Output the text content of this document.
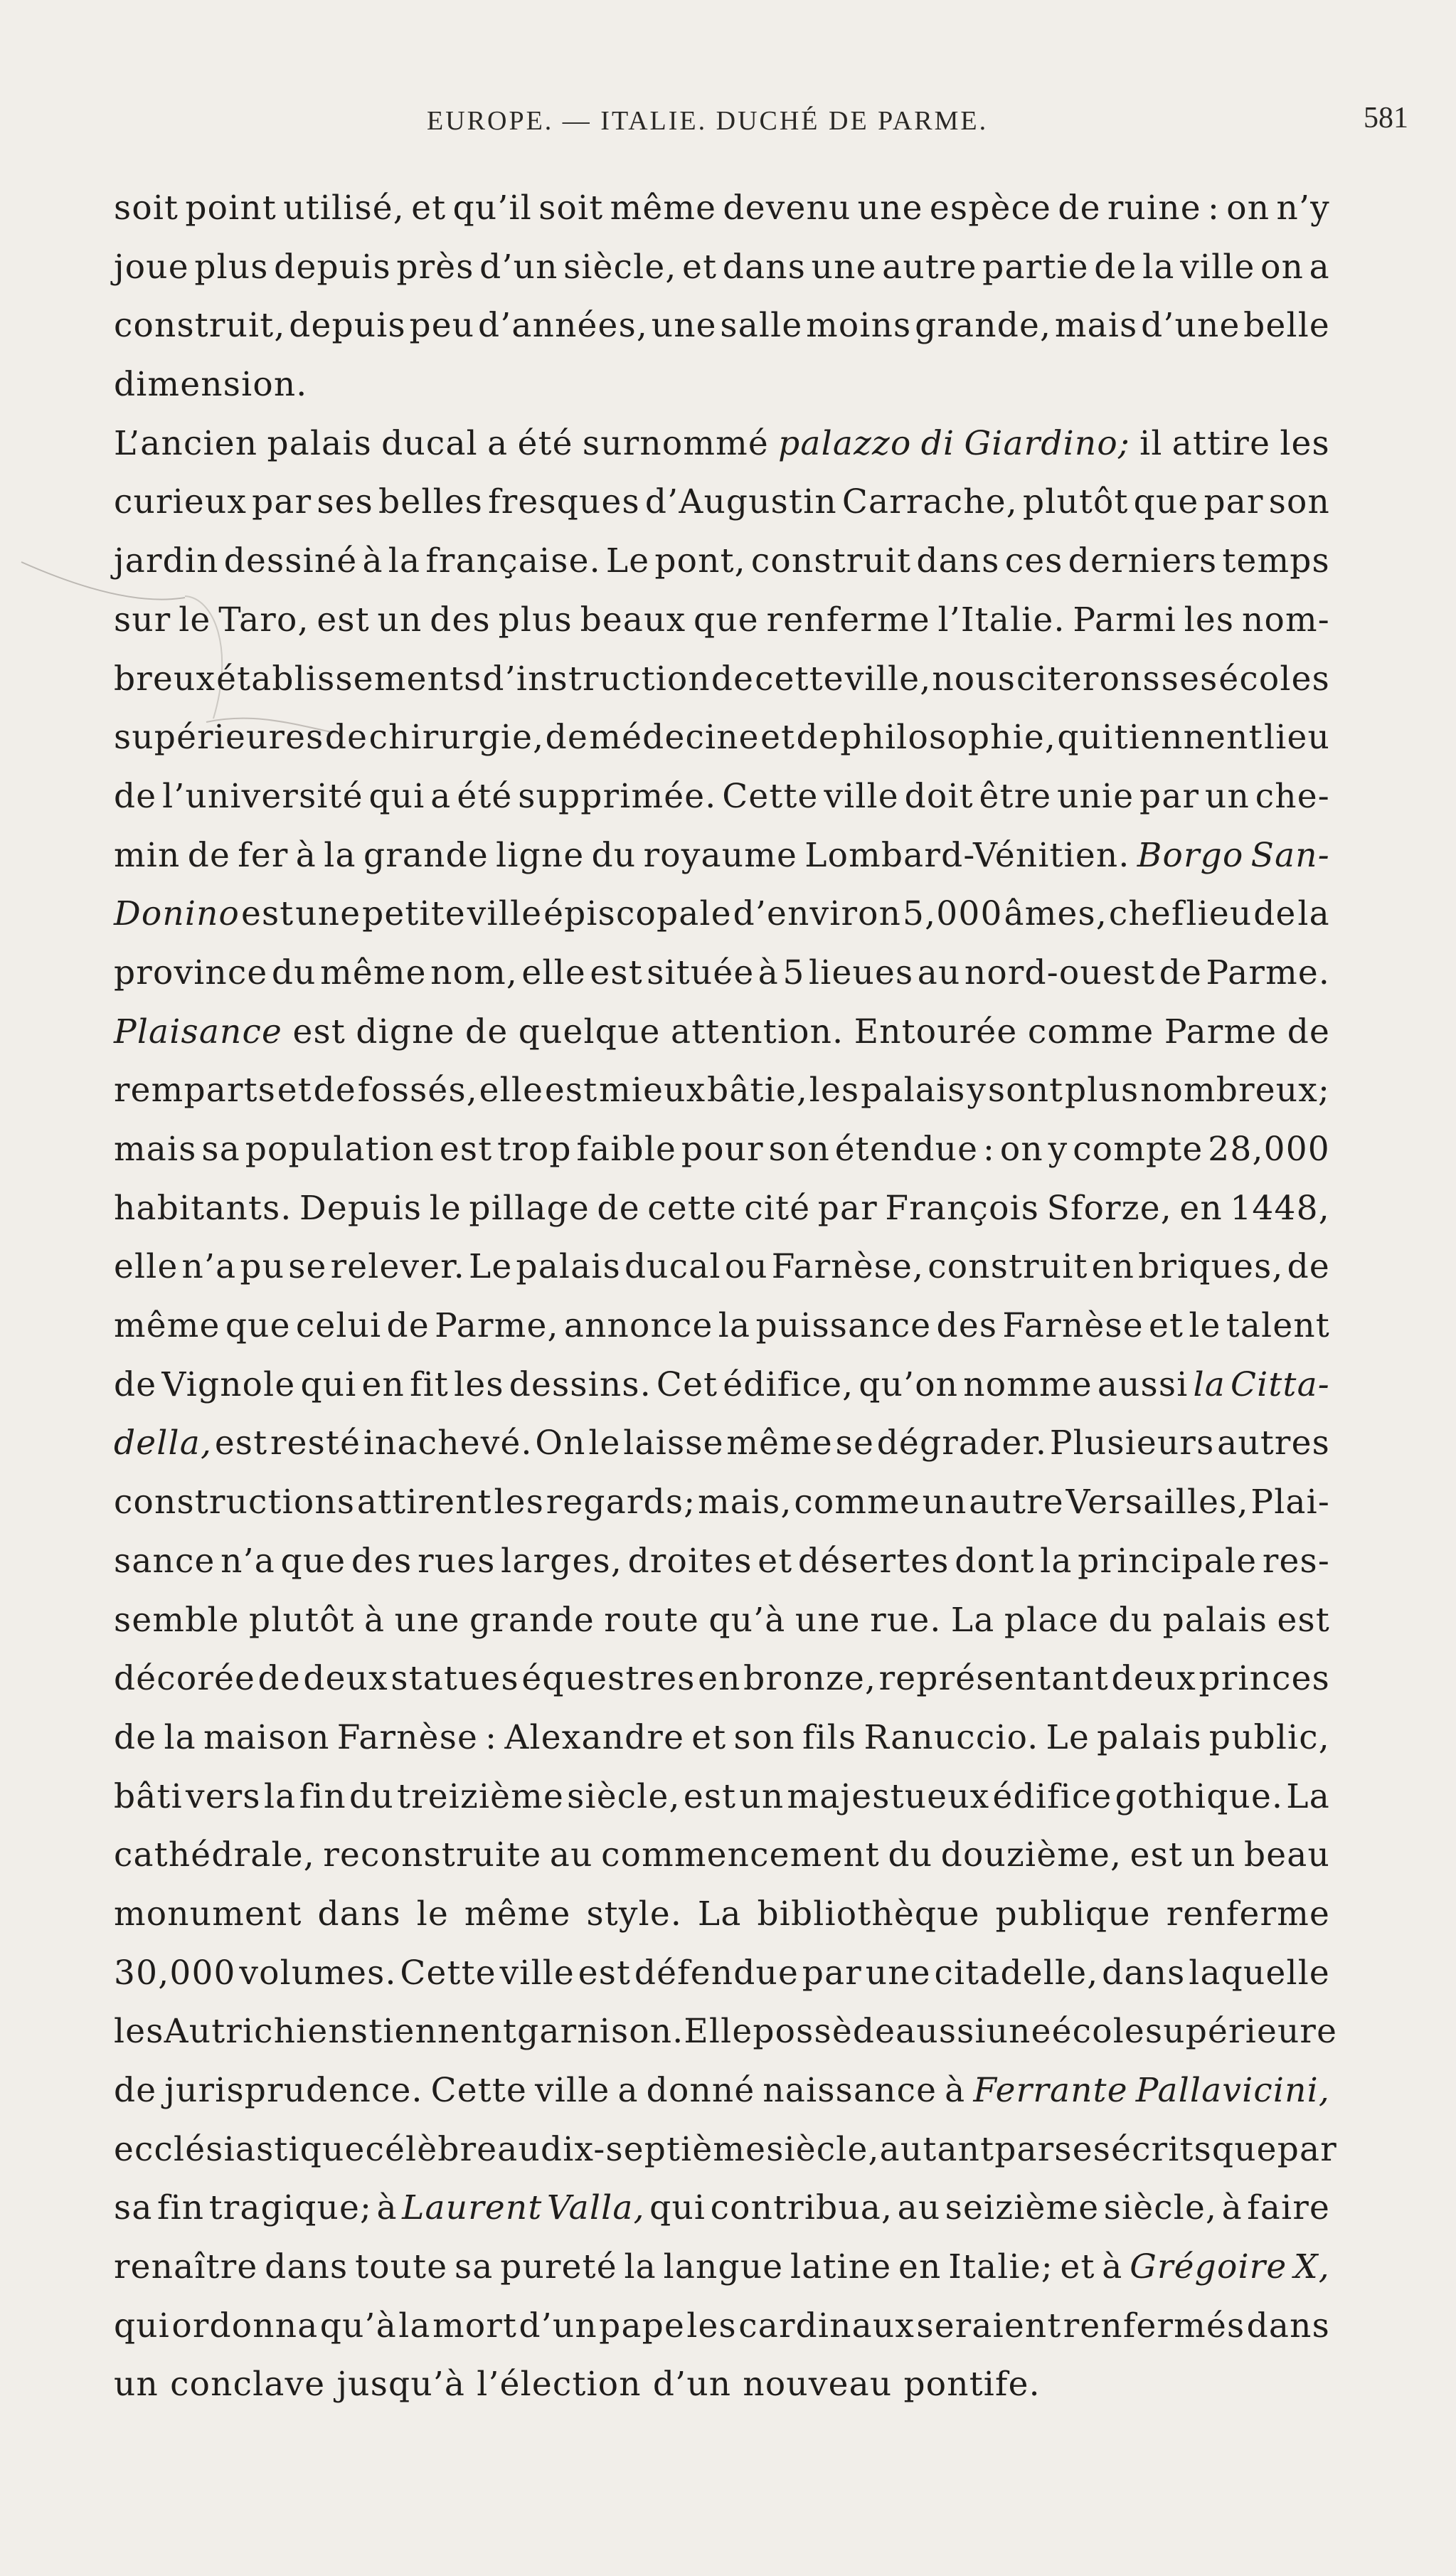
EUROPE. — ITALIE. DUCHÉ DE PARME.	581
soit point utilisé, et qu’il soit même devenu une espèce de ruine : on n’y
joue plus depuis près d’un siècle, et dans une autre partie de la ville on a
construit, depuis peu d’années, une salle moins grande, mais d’une belle
dimension.
L’ancien palais ducal a été surnommé palazzo di Giardino; il attire les
curieux par ses belles fresques d’Augustin Carrache, plutôt que par son
jardin dessiné à la française. Le pont, construit dans ces derniers temps
sur le Taro, est un des plus beaux que renferme l’Italie. Parmi les nom-
breux établissements d’instruction de cette ville, nous citerons ses écoles
supérieures de chirurgie, de médecine et de philosophie, qui tiennent lieu
de l’université qui a été supprimée. Cette ville doit être unie par un che-
min de fer à la grande ligne du royaume Lombard-Vénitien. Borgo San-
Donino est une petite ville épiscopale d’environ 5,000 âmes, chef lieu de la
province du même nom, elle est située à 5 lieues au nord-ouest de Parme.
Plaisance est digne de quelque attention. Entourée comme Parme de
remparts et de fossés, elle est mieux bâtie, les palais y sont plus nombreux;
mais sa population est trop faible pour son étendue : on y compte 28,000
habitants. Depuis le pillage de cette cité par François Sforze, en 1448,
elle n’a pu se relever. Le palais ducal ou Farnèse, construit en briques, de
même que celui de Parme, annonce la puissance des Farnèse et le talent
de Vignole qui en fit les dessins. Cet édifice, qu’on nomme aussi la Citta-
della, est resté inachevé. On le laisse même se dégrader. Plusieurs autres
constructions attirent les regards; mais, comme un autre Versailles, Plai-
sance n’a que des rues larges, droites et désertes dont la principale res-
semble plutôt à une grande route qu’à une rue. La place du palais est
décorée de deux statues équestres en bronze, représentant deux princes
de la maison Farnèse : Alexandre et son fils Ranuccio. Le palais public,
bâti vers la fin du treizième siècle, est un majestueux édifice gothique. La
cathédrale, reconstruite au commencement du douzième, est un beau
monument dans le même style. La bibliothèque publique renferme
30,000 volumes. Cette ville est défendue par une citadelle, dans laquelle
les Autrichiens tiennent garnison. Elle possède aussi une école supérieure
de jurisprudence. Cette ville a donné naissance à Ferrante Pallavicini,
ecclésiastique célèbre au dix-septième siècle, autant par ses écrits que par
sa fin tragique; à Laurent Valla, qui contribua, au seizième siècle, à faire
renaître dans toute sa pureté la langue latine en Italie; et à Grégoire X,
qui ordonna qu’à la mort d’un pape les cardinaux seraient renfermés dans
un
conclave
jusqu’à
l’élection
d’un
nouveau
pontife.
